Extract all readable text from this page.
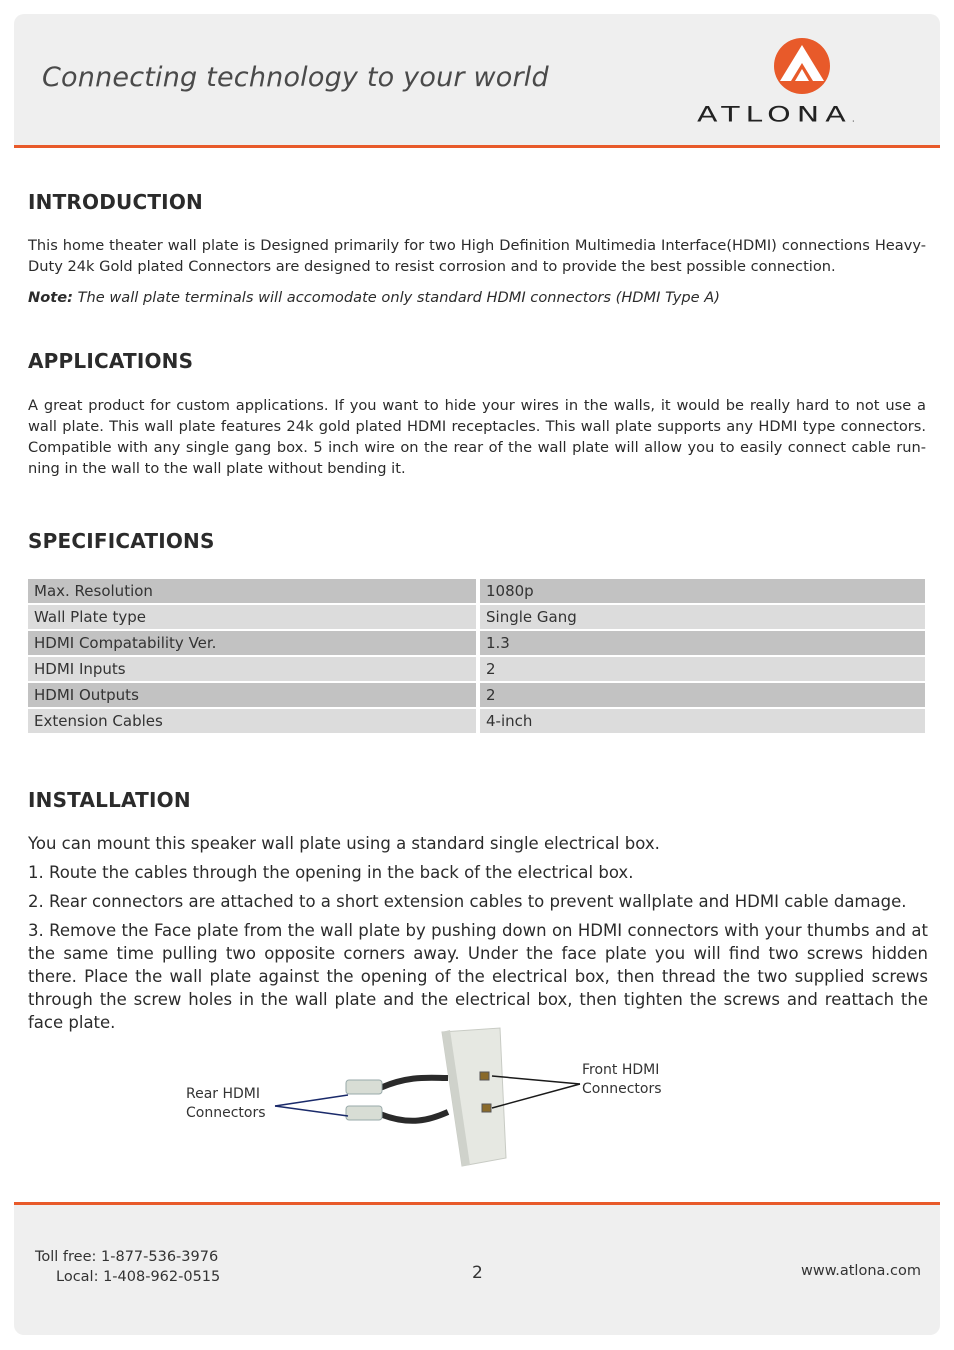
Connecting technology to your world
ATLONA.
INTRODUCTION

This home theater wall plate is Designed primarily for two High Definition Multimedia Interface(HDMI) connections Heavy-Duty 24k Gold plated Connectors are designed to resist corrosion and to provide the best possible connection.

Note: The wall plate terminals will accomodate only standard HDMI connectors (HDMI Type A)

APPLICATIONS

A great product for custom applications. If you want to hide your wires in the walls, it would be really hard to not use a wall plate. This wall plate features 24k gold plated HDMI receptacles. This wall plate supports any HDMI type connectors. Compatible with any single gang box. 5 inch wire on the rear of the wall plate will allow you to easily connect cable run-ning in the wall to the wall plate without bending it.

SPECIFICATIONS
Max. Resolution		1080p
Wall Plate type		Single Gang
HDMI Compatability Ver.		1.3
HDMI Inputs		2
HDMI Outputs		2
Extension Cables		4-inch
INSTALLATION

You can mount this speaker wall plate using a standard single electrical box.

1. Route the cables through the opening in the back of the electrical box.

2. Rear connectors are attached to a short extension cables to prevent wallplate and HDMI cable damage.

3. Remove the Face plate from the wall plate by pushing down on HDMI connectors with your thumbs and at the same time pulling two opposite corners away. Under the face plate you will find two screws hidden there. Place the wall plate against the opening of the electrical box, then thread the two supplied screws through the screw holes in the wall plate and the electrical box, then tighten the screws and reattach the face plate.

Rear HDMI
Connectors
Front HDMI
Connectors
Toll free: 1-877-536-3976
Local: 1-408-962-0515	2	www.atlona.com
